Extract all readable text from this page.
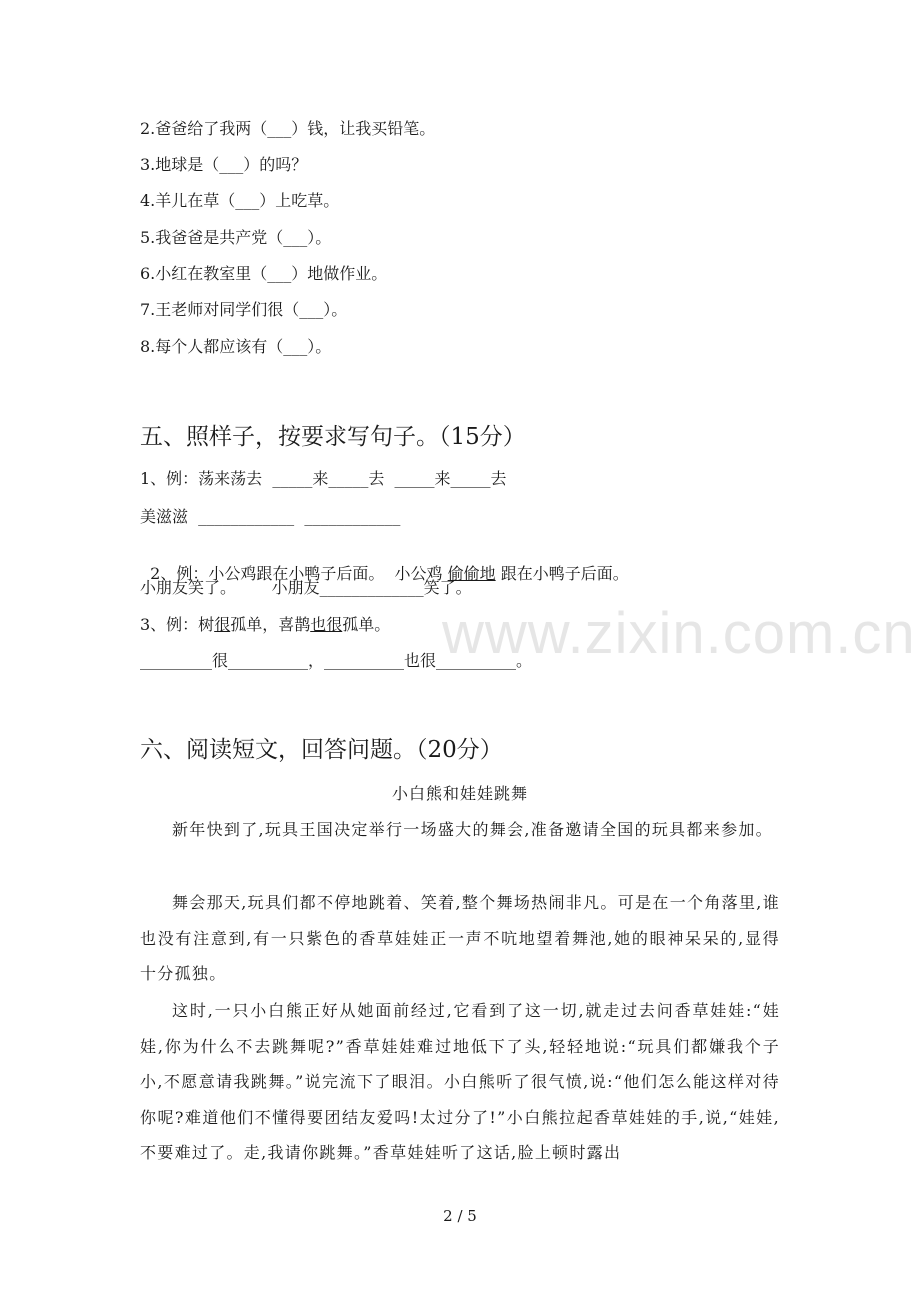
2.爸爸给了我两（___）钱，让我买铅笔。
3.地球是（___）的吗？
4.羊儿在草（___）上吃草。
5.我爸爸是共产党（___）。
6.小红在教室里（___）地做作业。
7.王老师对同学们很（___）。
8.每个人都应该有（___）。
五、照样子，按要求写句子。（15分）
1、例：荡来荡去  _____来_____去  _____来_____去
美滋滋  ____________  ____________

2、例：小公鸡跟在小鸭子后面。  小公鸡 偷偷地 跟在小鸭子后面。

小朋友笑了。       小朋友_____________笑了。
3、例：树很孤单，喜鹊也很孤单。
_________很__________，__________也很__________。
www.zixin.com.cn
六、阅读短文，回答问题。（20分）
小白熊和娃娃跳舞
新年快到了,玩具王国决定举行一场盛大的舞会,准备邀请全国的玩具都来参加。
舞会那天,玩具们都不停地跳着、笑着,整个舞场热闹非凡。可是在一个角落里,谁也没有注意到,有一只紫色的香草娃娃正一声不吭地望着舞池,她的眼神呆呆的,显得十分孤独。
这时,一只小白熊正好从她面前经过,它看到了这一切,就走过去问香草娃娃:“娃娃,你为什么不去跳舞呢?”香草娃娃难过地低下了头,轻轻地说:“玩具们都嫌我个子小,不愿意请我跳舞。”说完流下了眼泪。小白熊听了很气愤,说:“他们怎么能这样对待你呢?难道他们不懂得要团结友爱吗!太过分了!”小白熊拉起香草娃娃的手,说,“娃娃,不要难过了。走,我请你跳舞。”香草娃娃听了这话,脸上顿时露出
2 / 5
